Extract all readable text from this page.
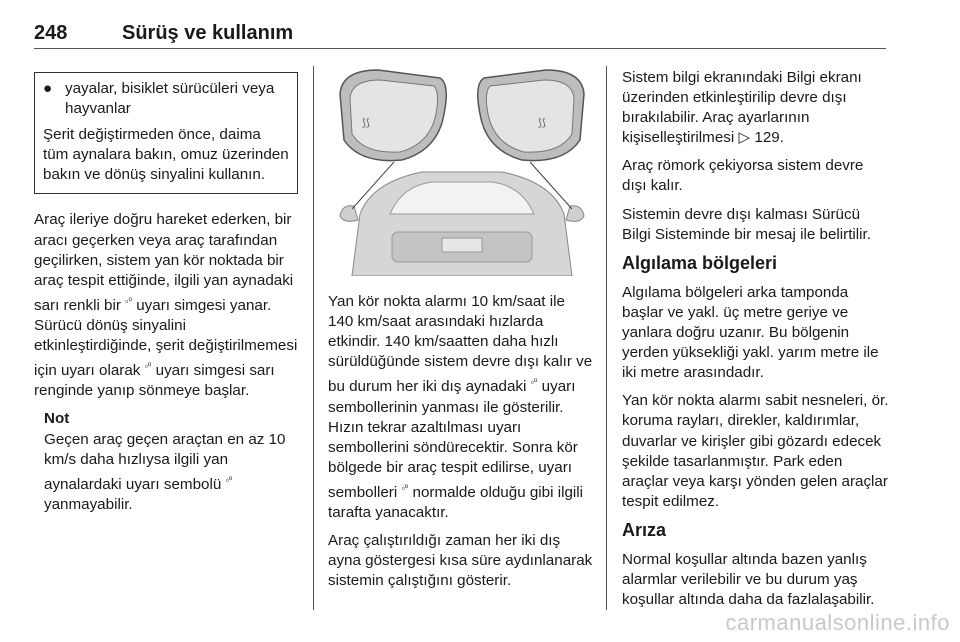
248	Sürüş ve kullanım
● yayalar, bisiklet sürücüleri veya hayvanlar
Şerit değiştirmeden önce, daima tüm aynalara bakın, omuz üzerinden bakın ve dönüş sinyalini kullanın.

Araç ileriye doğru hareket ederken, bir aracı geçerken veya araç tarafından geçilirken, sistem yan kör noktada bir araç tespit ettiğinde, ilgili yan aynadaki sarı renkli bir $^{▫^0}$ uyarı simgesi yanar. Sürücü dönüş sinyalini etkinleştirdiğinde, şerit değiştirilmemesi için uyarı olarak $^{▫^0}$ uyarı simgesi sarı renginde yanıp sönmeye başlar.

Not
Geçen araç geçen araçtan en az 10 km/s daha hızlıysa ilgili yan aynalardaki uyarı sembolü $^{▫^0}$ yanmayabilir.
⟆⟆	⟆⟆

Yan kör nokta alarmı 10 km/saat ile 140 km/saat arasındaki hızlarda etkindir. 140 km/saatten daha hızlı sürüldüğünde sistem devre dışı kalır ve bu durum her iki dış aynadaki $^{▫^0}$ uyarı sembollerinin yanması ile gösterilir. Hızın tekrar azaltılması uyarı sembollerini söndürecektir. Sonra kör bölgede bir araç tespit edilirse, uyarı sembolleri $^{▫^0}$ normalde olduğu gibi ilgili tarafta yanacaktır.

Araç çalıştırıldığı zaman her iki dış ayna göstergesi kısa süre aydınlanarak sistemin çalıştığını gösterir.

Sistem bilgi ekranındaki Bilgi ekranı üzerinden etkinleştirilip devre dışı bırakılabilir. Araç ayarlarının kişiselleştirilmesi ▷ 129.

Araç römork çekiyorsa sistem devre dışı kalır.

Sistemin devre dışı kalması Sürücü Bilgi Sisteminde bir mesaj ile belirtilir.

Algılama bölgeleri

Algılama bölgeleri arka tamponda başlar ve yakl. üç metre geriye ve yanlara doğru uzanır. Bu bölgenin yerden yüksekliği yakl. yarım metre ile iki metre arasındadır.

Yan kör nokta alarmı sabit nesneleri, ör. koruma rayları, direkler, kaldırımlar, duvarlar ve kirişler gibi gözardı edecek şekilde tasarlanmıştır. Park eden araçlar veya karşı yönden gelen araçlar tespit edilmez.

Arıza

Normal koşullar altında bazen yanlış alarmlar verilebilir ve bu durum yaş koşullar altında daha da fazlalaşabilir.

carmanualsonline.info
